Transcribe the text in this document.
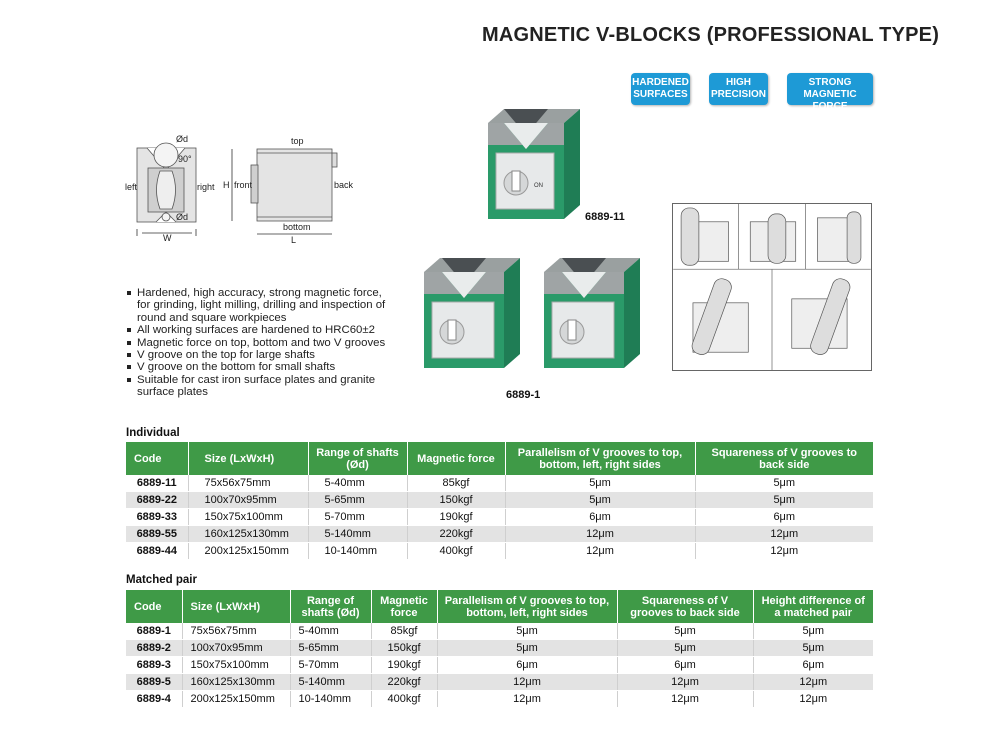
MAGNETIC V-BLOCKS (PROFESSIONAL TYPE)
HARDENED
SURFACES
HIGH
PRECISION
STRONG
MAGNETIC FORCE
Ød
90°
left	right
Ød
W
top
front	back
bottom
H
L
ON
6889-11
6889-1
Hardened, high accuracy, strong magnetic force, for grinding, light milling, drilling and inspection of round and square workpieces
All working surfaces are hardened to HRC60±2
Magnetic force on top, bottom and two V grooves
V groove on the top for large shafts
V groove on the bottom for small shafts
Suitable for cast iron surface plates and granite surface plates
Individual
Code	Size (LxWxH)	Range of shafts (Ød)	Magnetic force	Parallelism of V grooves to top, bottom, left, right sides	Squareness of V grooves to back side
6889-11	75x56x75mm	5-40mm	85kgf	5μm	5μm
6889-22	100x70x95mm	5-65mm	150kgf	5μm	5μm
6889-33	150x75x100mm	5-70mm	190kgf	6μm	6μm
6889-55	160x125x130mm	5-140mm	220kgf	12μm	12μm
6889-44	200x125x150mm	10-140mm	400kgf	12μm	12μm
Matched pair
Code	Size (LxWxH)	Range of shafts (Ød)	Magnetic force	Parallelism of V grooves to top, bottom, left, right sides	Squareness of V grooves to back side	Height difference of a matched pair
6889-1	75x56x75mm	5-40mm	85kgf	5μm	5μm	5μm
6889-2	100x70x95mm	5-65mm	150kgf	5μm	5μm	5μm
6889-3	150x75x100mm	5-70mm	190kgf	6μm	6μm	6μm
6889-5	160x125x130mm	5-140mm	220kgf	12μm	12μm	12μm
6889-4	200x125x150mm	10-140mm	400kgf	12μm	12μm	12μm
